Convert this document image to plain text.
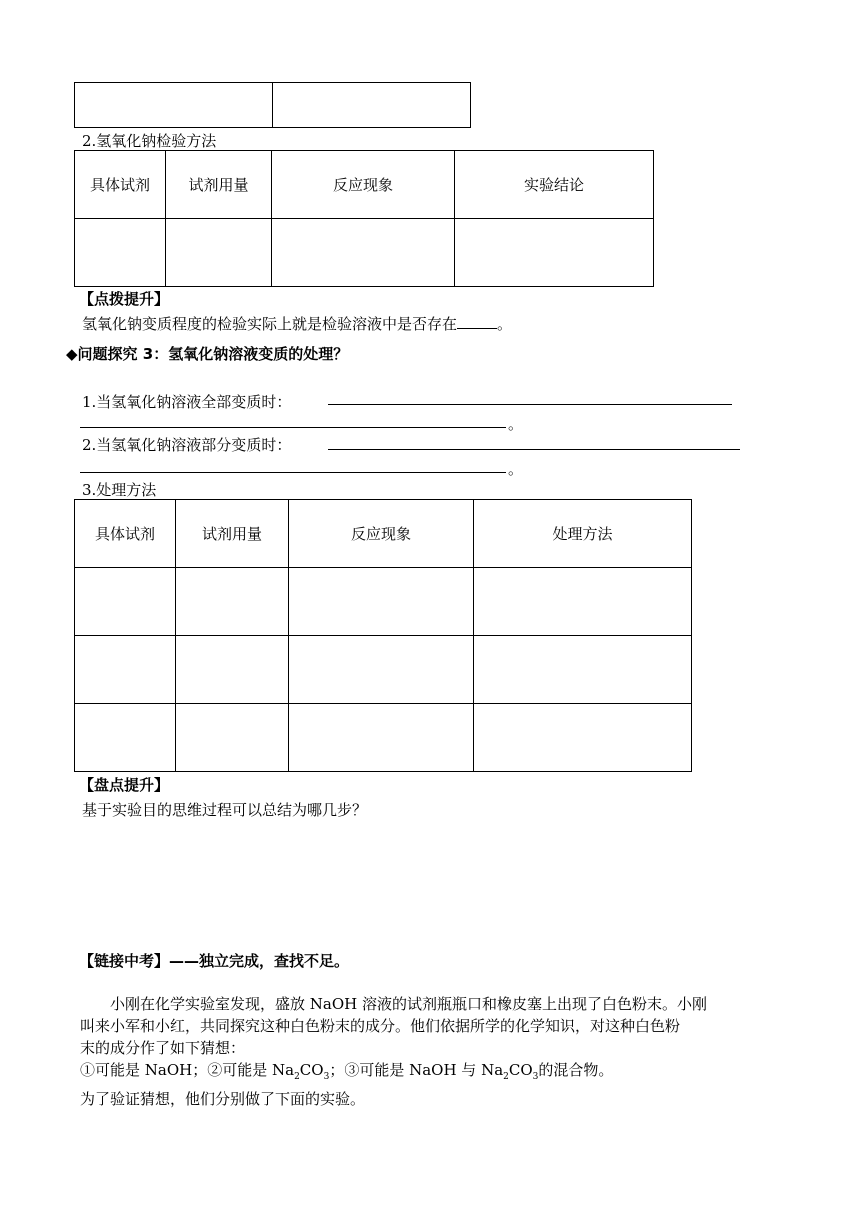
2.氢氧化钠检验方法
具体试剂	试剂用量	反应现象	实验结论

【点拨提升】
氢氧化钠变质程度的检验实际上就是检验溶液中是否存在	。
◆问题探究 3：氢氧化钠溶液变质的处理？
1.当氢氧化钠溶液全部变质时：
。
2.当氢氧化钠溶液部分变质时：
。
3.处理方法
具体试剂	试剂用量	反应现象	处理方法

【盘点提升】
基于实验目的思维过程可以总结为哪几步？
【链接中考】——独立完成，查找不足。
小刚在化学实验室发现，盛放 NaOH 溶液的试剂瓶瓶口和橡皮塞上出现了白色粉末。小刚
叫来小军和小红，共同探究这种白色粉末的成分。他们依据所学的化学知识，对这种白色粉
末的成分作了如下猜想：
①可能是 NaOH；②可能是 $Na_2CO_3$；③可能是 NaOH 与 $Na_2CO_3$的混合物。
为了验证猜想，他们分别做了下面的实验。
